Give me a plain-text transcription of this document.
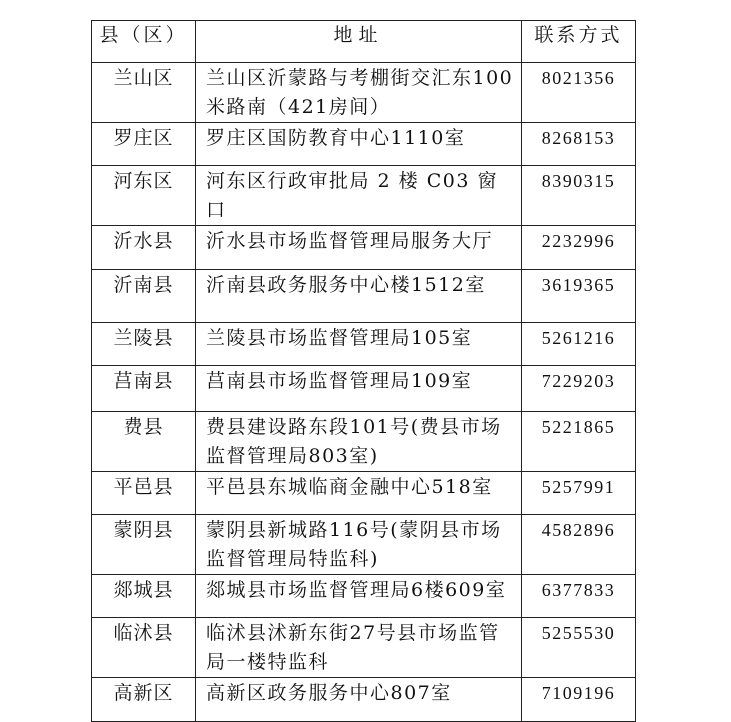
县（区）	地址	联系方式
兰山区	兰山区沂蒙路与考棚街交汇东100米路南（421房间）	8021356
罗庄区	罗庄区国防教育中心1110室	8268153
河东区	河东区行政审批局 2 楼 C03 窗口	8390315
沂水县	沂水县市场监督管理局服务大厅	2232996
沂南县	沂南县政务服务中心楼1512室	3619365
兰陵县	兰陵县市场监督管理局105室	5261216
莒南县	莒南县市场监督管理局109室	7229203
费县	费县建设路东段101号(费县市场监督管理局803室)	5221865
平邑县	平邑县东城临商金融中心518室	5257991
蒙阴县	蒙阴县新城路116号(蒙阴县市场监督管理局特监科)	4582896
郯城县	郯城县市场监督管理局6楼609室	6377833
临沭县	临沭县沭新东街27号县市场监管局一楼特监科	5255530
高新区	高新区政务服务中心807室	7109196
